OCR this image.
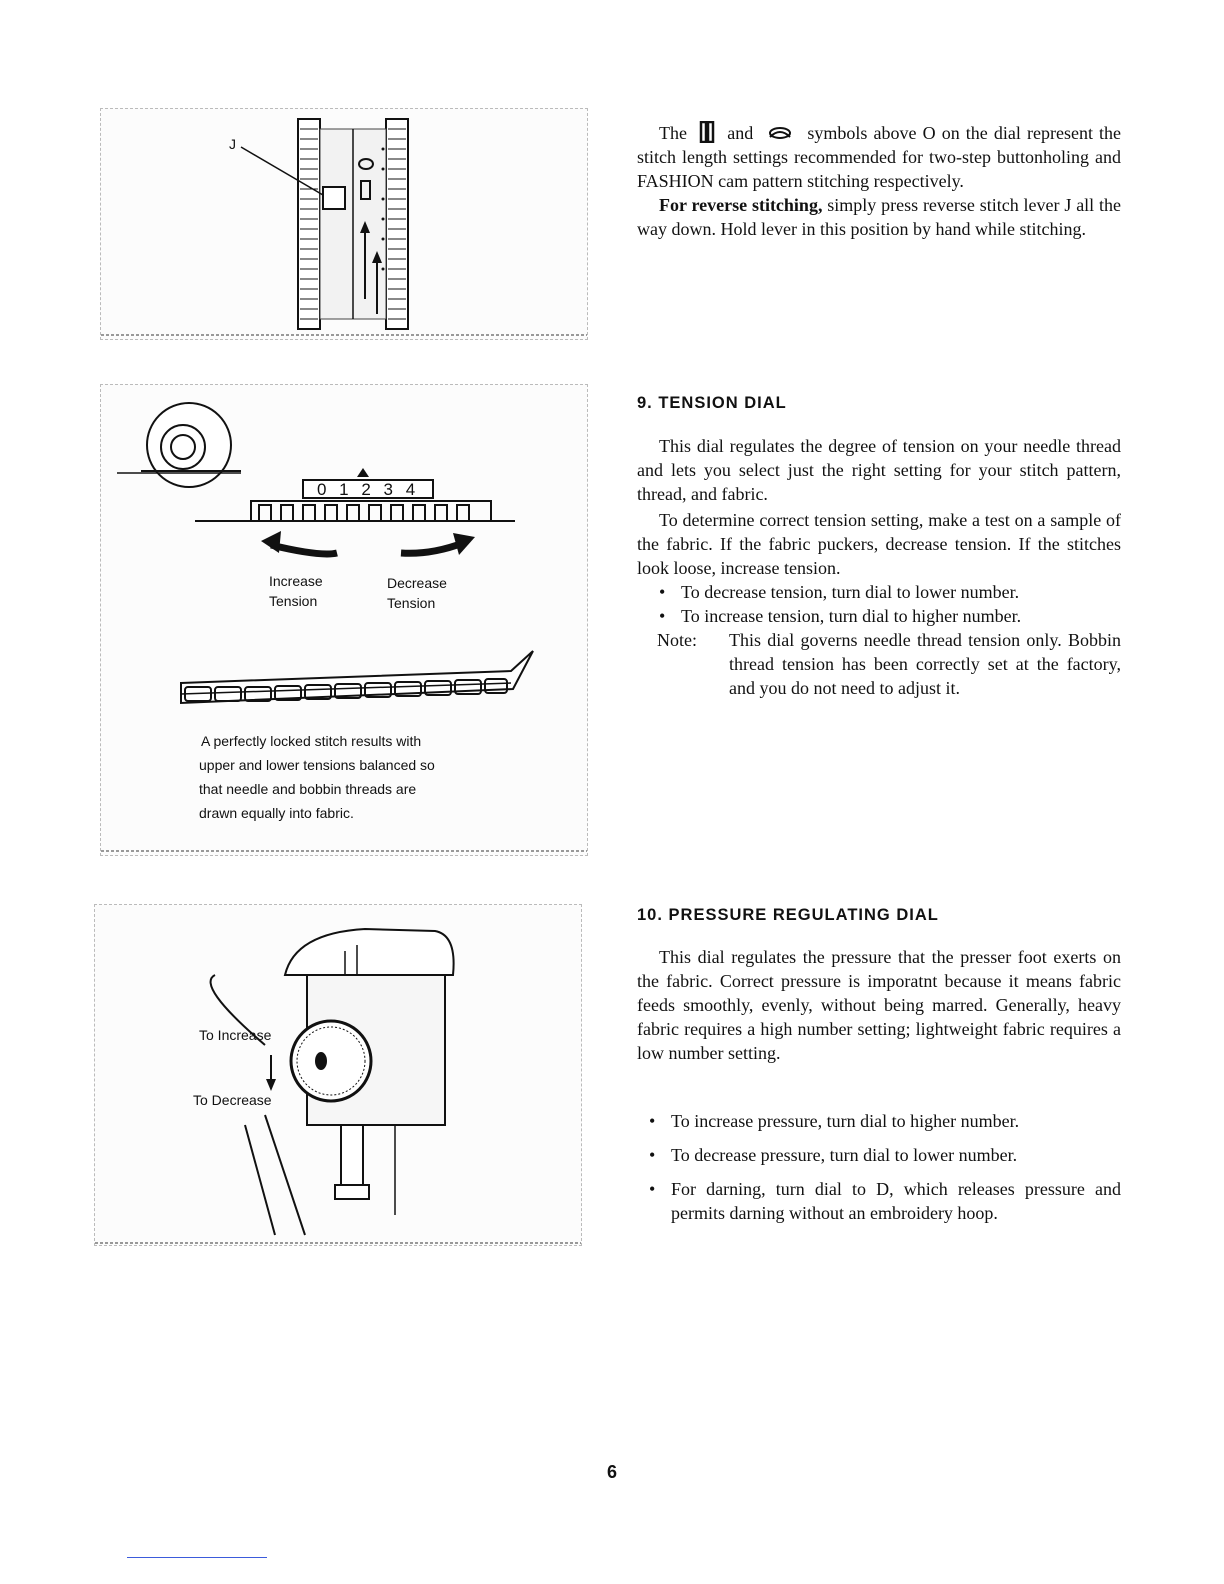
J

The and	symbols above O on the dial represent the stitch length settings recommended for two-step buttonholing and FASHION cam pattern stitching respectively.

For reverse stitching, simply press reverse stitch lever J all the way down. Hold lever in this position by hand while stitching.

0 1 2 3 4
Increase
Tension
Decrease
Tension
A perfectly locked stitch results with
upper and lower tensions balanced so
that needle and bobbin threads are
drawn equally into fabric.
9. TENSION DIAL

This dial regulates the degree of tension on your needle thread and lets you select just the right setting for your stitch pattern, thread, and fabric.

To determine correct tension setting, make a test on a sample of the fabric. If the fabric puckers, decrease tension. If the stitches look loose, increase tension.

• To decrease tension, turn dial to lower number.
• To increase tension, turn dial to higher number.
Note:	This dial governs needle thread tension only. Bobbin thread tension has been correctly set at the factory, and you do not need to adjust it.
To Increase
To Decrease
10. PRESSURE REGULATING DIAL

This dial regulates the pressure that the presser foot exerts on the fabric. Correct pressure is imporatnt because it means fabric feeds smoothly, evenly, without being marred. Generally, heavy fabric requires a high number setting; lightweight fabric requires a low number setting.

• To increase pressure, turn dial to higher number.
• To decrease pressure, turn dial to lower number.
• For darning, turn dial to D, which releases pressure and permits darning without an embroidery hoop.
6
